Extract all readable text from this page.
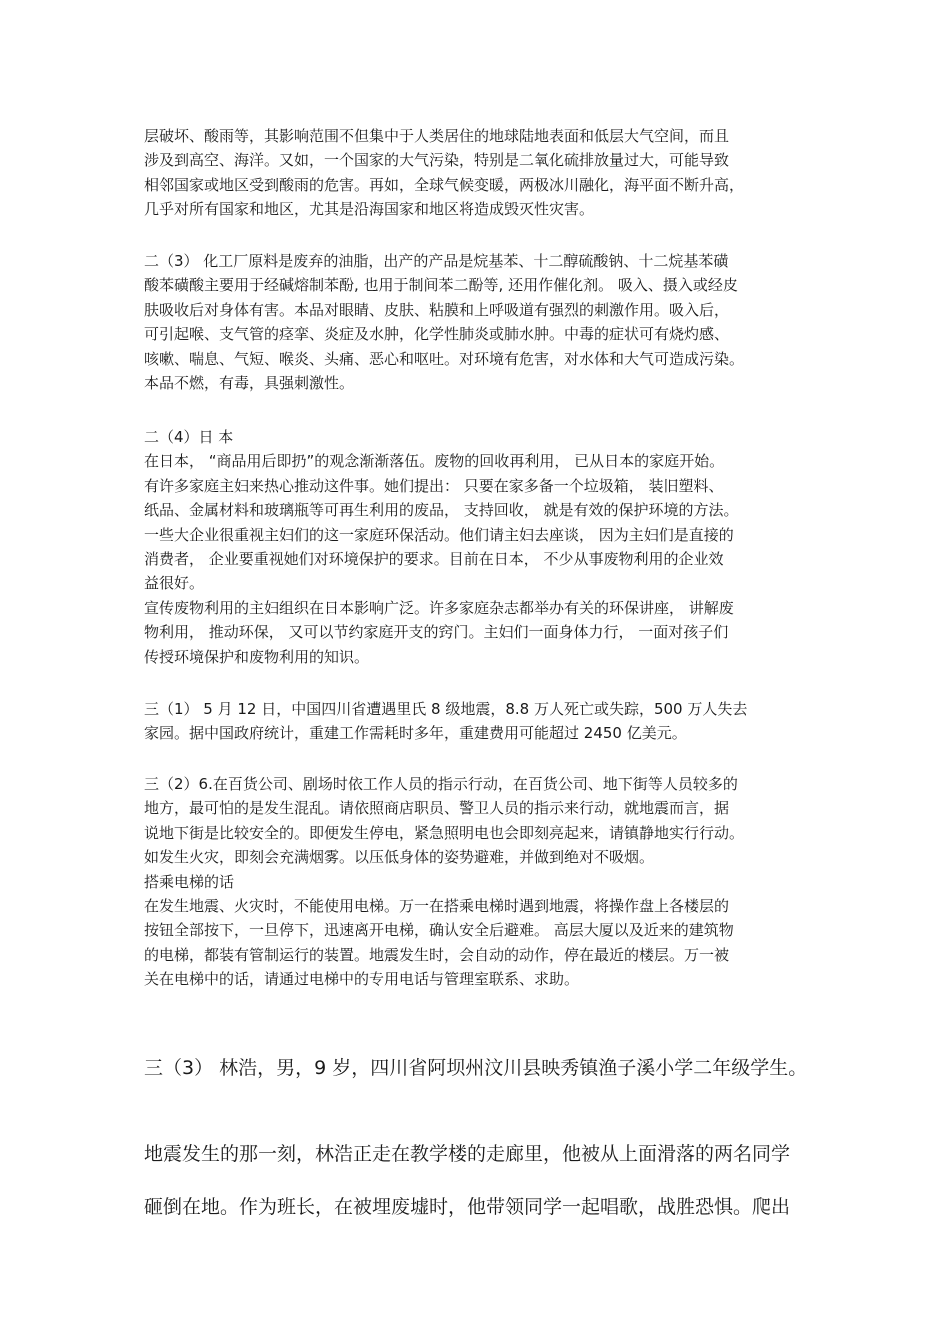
层破坏、酸雨等，其影响范围不但集中于人类居住的地球陆地表面和低层大气空间，而且
涉及到高空、海洋。又如，一个国家的大气污染，特别是二氧化硫排放量过大，可能导致
相邻国家或地区受到酸雨的危害。再如，全球气候变暖，两极冰川融化，海平面不断升高，
几乎对所有国家和地区，尤其是沿海国家和地区将造成毁灭性灾害。
二（3） 化工厂原料是废弃的油脂，出产的产品是烷基苯、十二醇硫酸钠、十二烷基苯磺
酸苯磺酸主要用于经碱熔制苯酚, 也用于制间苯二酚等, 还用作催化剂。 吸入、摄入或经皮
肤吸收后对身体有害。本品对眼睛、皮肤、粘膜和上呼吸道有强烈的刺激作用。吸入后，
可引起喉、支气管的痉挛、炎症及水肿，化学性肺炎或肺水肿。中毒的症状可有烧灼感、
咳嗽、喘息、气短、喉炎、头痛、恶心和呕吐。对环境有危害，对水体和大气可造成污染。
本品不燃，有毒，具强刺激性。
二（4）日 本
在日本， “商品用后即扔”的观念渐渐落伍。废物的回收再利用， 已从日本的家庭开始。
有许多家庭主妇来热心推动这件事。她们提出： 只要在家多备一个垃圾箱， 装旧塑料、
纸品、金属材料和玻璃瓶等可再生利用的废品， 支持回收， 就是有效的保护环境的方法。
一些大企业很重视主妇们的这一家庭环保活动。他们请主妇去座谈， 因为主妇们是直接的
消费者， 企业要重视她们对环境保护的要求。目前在日本， 不少从事废物利用的企业效
益很好。
宣传废物利用的主妇组织在日本影响广泛。许多家庭杂志都举办有关的环保讲座， 讲解废
物利用， 推动环保， 又可以节约家庭开支的窍门。主妇们一面身体力行， 一面对孩子们
传授环境保护和废物利用的知识。
三（1） 5 月 12 日，中国四川省遭遇里氏 8 级地震，8.8 万人死亡或失踪，500 万人失去
家园。据中国政府统计，重建工作需耗时多年，重建费用可能超过 2450 亿美元。
三（2）6.在百货公司、剧场时依工作人员的指示行动，在百货公司、地下街等人员较多的
地方，最可怕的是发生混乱。请依照商店职员、警卫人员的指示来行动，就地震而言，据
说地下街是比较安全的。即便发生停电，紧急照明电也会即刻亮起来，请镇静地实行行动。
如发生火灾，即刻会充满烟雾。以压低身体的姿势避难，并做到绝对不吸烟。
搭乘电梯的话
在发生地震、火灾时，不能使用电梯。万一在搭乘电梯时遇到地震，将操作盘上各楼层的
按钮全部按下，一旦停下，迅速离开电梯，确认安全后避难。 高层大厦以及近来的建筑物
的电梯，都装有管制运行的装置。地震发生时，会自动的动作，停在最近的楼层。万一被
关在电梯中的话，请通过电梯中的专用电话与管理室联系、求助。
三（3） 林浩，男，9 岁，四川省阿坝州汶川县映秀镇渔子溪小学二年级学生。
地震发生的那一刻，林浩正走在教学楼的走廊里，他被从上面滑落的两名同学
砸倒在地。作为班长，在被埋废墟时，他带领同学一起唱歌，战胜恐惧。爬出
